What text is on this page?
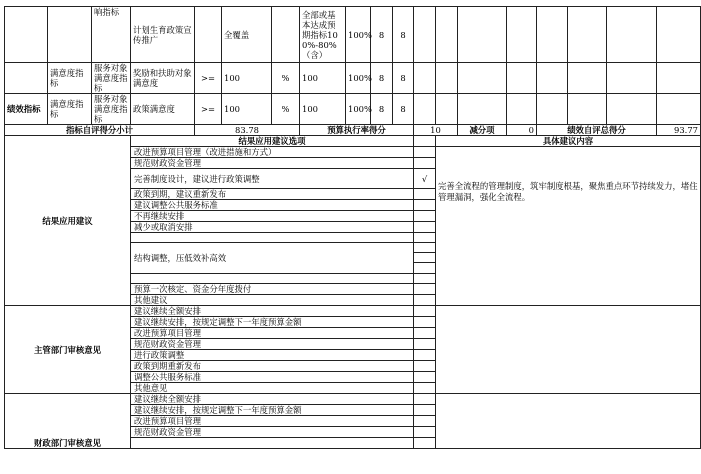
		响指标	计划生育政策宣传推广		全覆盖		全部或基本达成预期指标100%-80%（含）	100%	8	8								
	满意度指标	服务对象满意度指标	奖励和扶助对象满意度	>=	100	%	100	100%	8	8								
绩效指标	满意度指标	服务对象满意度指标	政策满意度	>=	100	%	100	100%	8	8								
指标自评得分小计				83.78			预算执行率得分				10		减分项	0	绩效自评总得分			93.77
结果应用建议			结果应用建议选项									具体建议内容						
			改进预算项目管理（改进措施和方式）									完善全流程的管理制度，筑牢制度根基，聚焦重点环节持续发力，堵住管理漏洞，强化全流程。						

			规范财政资金管理															
			完善制度设计，建议进行政策调整								√							
			政策到期，建议重新发布															
			建议调整公共服务标准															
			不再继续安排															
			减少或取消安排															

			结构调整，压低效补高效															

			预算一次核定、资金分年度拨付															
			其他建议															
主管部门审核意见			建议继续全额安排															
			建议继续安排，按规定调整下一年度预算金额															
			改进预算项目管理															
			规范财政资金管理															
			进行政策调整															
			政策到期重新发布															
			调整公共服务标准															
			其他意见															
财政部门审核意见			建议继续全额安排															
			建议继续安排，按规定调整下一年度预算金额															
			改进预算项目管理															
			规范财政资金管理															
